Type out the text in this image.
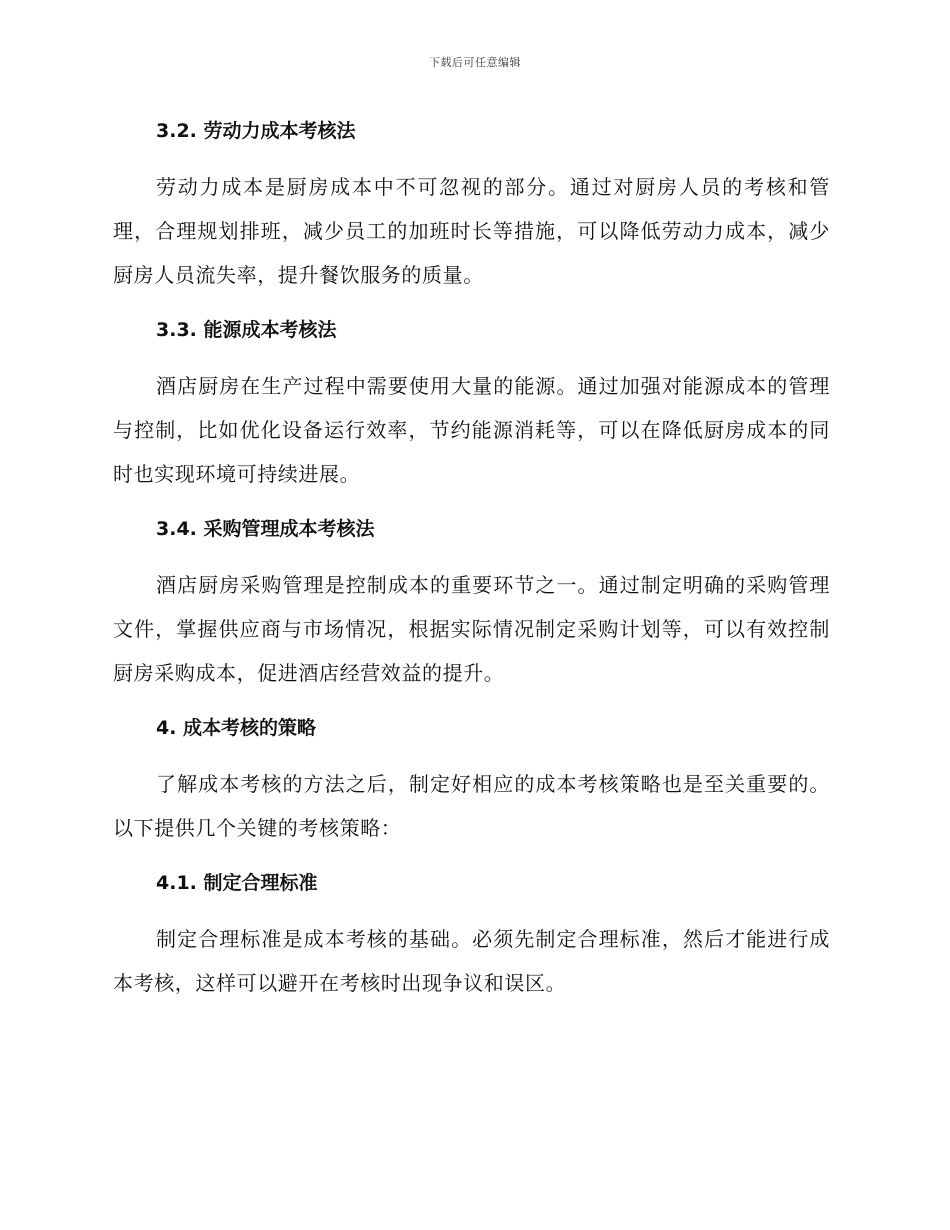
下载后可任意编辑
3.2. 劳动力成本考核法

劳动力成本是厨房成本中不可忽视的部分。通过对厨房人员的考核和管理，合理规划排班，减少员工的加班时长等措施，可以降低劳动力成本，减少厨房人员流失率，提升餐饮服务的质量。

3.3. 能源成本考核法

酒店厨房在生产过程中需要使用大量的能源。通过加强对能源成本的管理与控制，比如优化设备运行效率，节约能源消耗等，可以在降低厨房成本的同时也实现环境可持续进展。

3.4. 采购管理成本考核法

酒店厨房采购管理是控制成本的重要环节之一。通过制定明确的采购管理文件，掌握供应商与市场情况，根据实际情况制定采购计划等，可以有效控制厨房采购成本，促进酒店经营效益的提升。

4. 成本考核的策略

了解成本考核的方法之后，制定好相应的成本考核策略也是至关重要的。以下提供几个关键的考核策略：

4.1. 制定合理标准

制定合理标准是成本考核的基础。必须先制定合理标准，然后才能进行成本考核，这样可以避开在考核时出现争议和误区。
